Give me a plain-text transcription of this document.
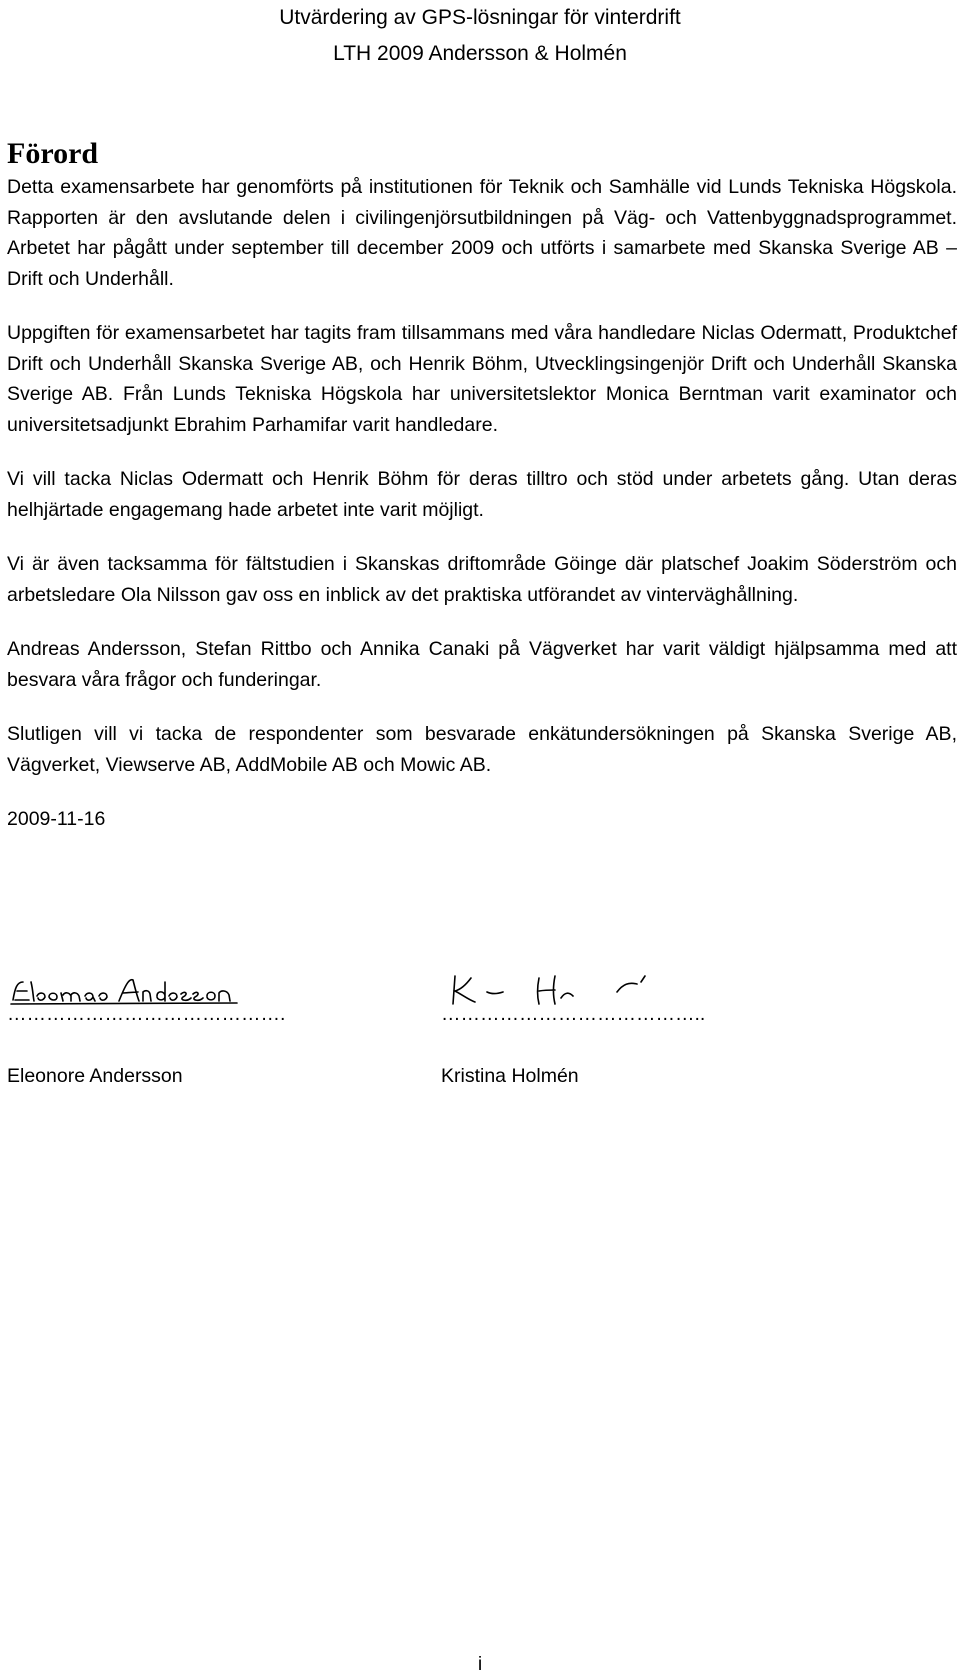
Utvärdering av GPS-lösningar för vinterdrift
LTH 2009 Andersson & Holmén
Förord

Detta examensarbete har genomförts på institutionen för Teknik och Samhälle vid Lunds Tekniska Högskola. Rapporten är den avslutande delen i civilingenjörsutbildningen på Väg- och Vattenbyggnadsprogrammet. Arbetet har pågått under september till december 2009 och utförts i samarbete med Skanska Sverige AB – Drift och Underhåll.

Uppgiften för examensarbetet har tagits fram tillsammans med våra handledare Niclas Odermatt, Produktchef Drift och Underhåll Skanska Sverige AB, och Henrik Böhm, Utvecklingsingenjör Drift och Underhåll Skanska Sverige AB. Från Lunds Tekniska Högskola har universitetslektor Monica Berntman varit examinator och universitetsadjunkt Ebrahim Parhamifar varit handledare.

Vi vill tacka Niclas Odermatt och Henrik Böhm för deras tilltro och stöd under arbetets gång. Utan deras helhjärtade engagemang hade arbetet inte varit möjligt.

Vi är även tacksamma för fältstudien i Skanskas driftområde Göinge där platschef Joakim Söderström och arbetsledare Ola Nilsson gav oss en inblick av det praktiska utförandet av vinterväghållning.

Andreas Andersson, Stefan Rittbo och Annika Canaki på Vägverket har varit väldigt hjälpsamma med att besvara våra frågor och funderingar.

Slutligen vill vi tacka de respondenter som besvarade enkätundersökningen på Skanska Sverige AB, Vägverket, Viewserve AB, AddMobile AB och Mowic AB.

2009-11-16

…………………………………….
Eleonore Andersson
…………………………………..
Kristina Holmén
i
